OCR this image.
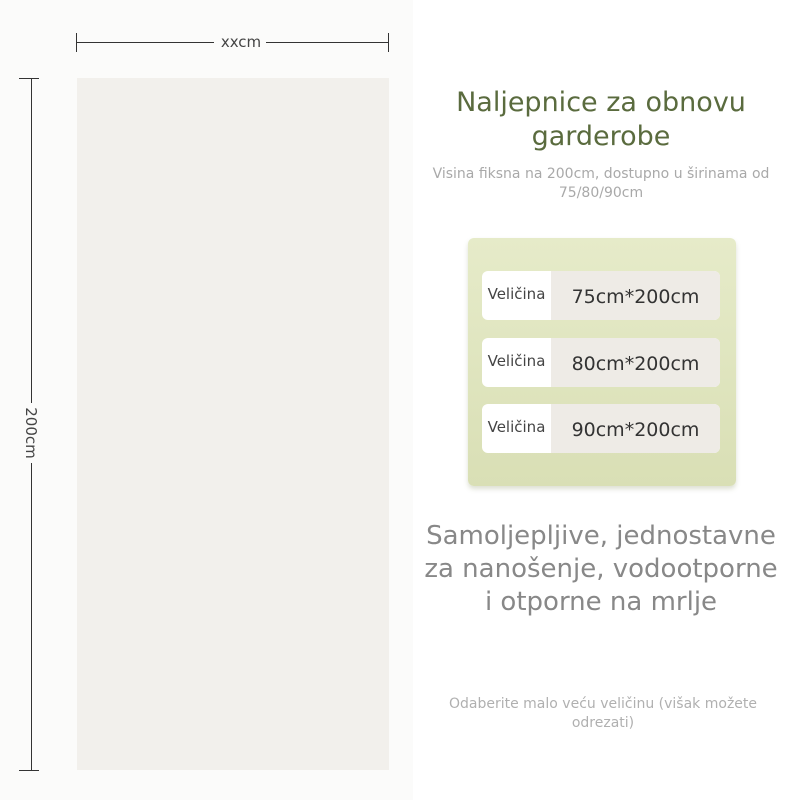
xxcm
200cm
Naljepnice za obnovu garderobe
Visina fiksna na 200cm, dostupno u širinama od 75/80/90cm
Veličina	75cm*200cm
Veličina	80cm*200cm
Veličina	90cm*200cm
Samoljepljive, jednostavne za nanošenje, vodootporne i otporne na mrlje
Odaberite malo veću veličinu (višak možete odrezati)
